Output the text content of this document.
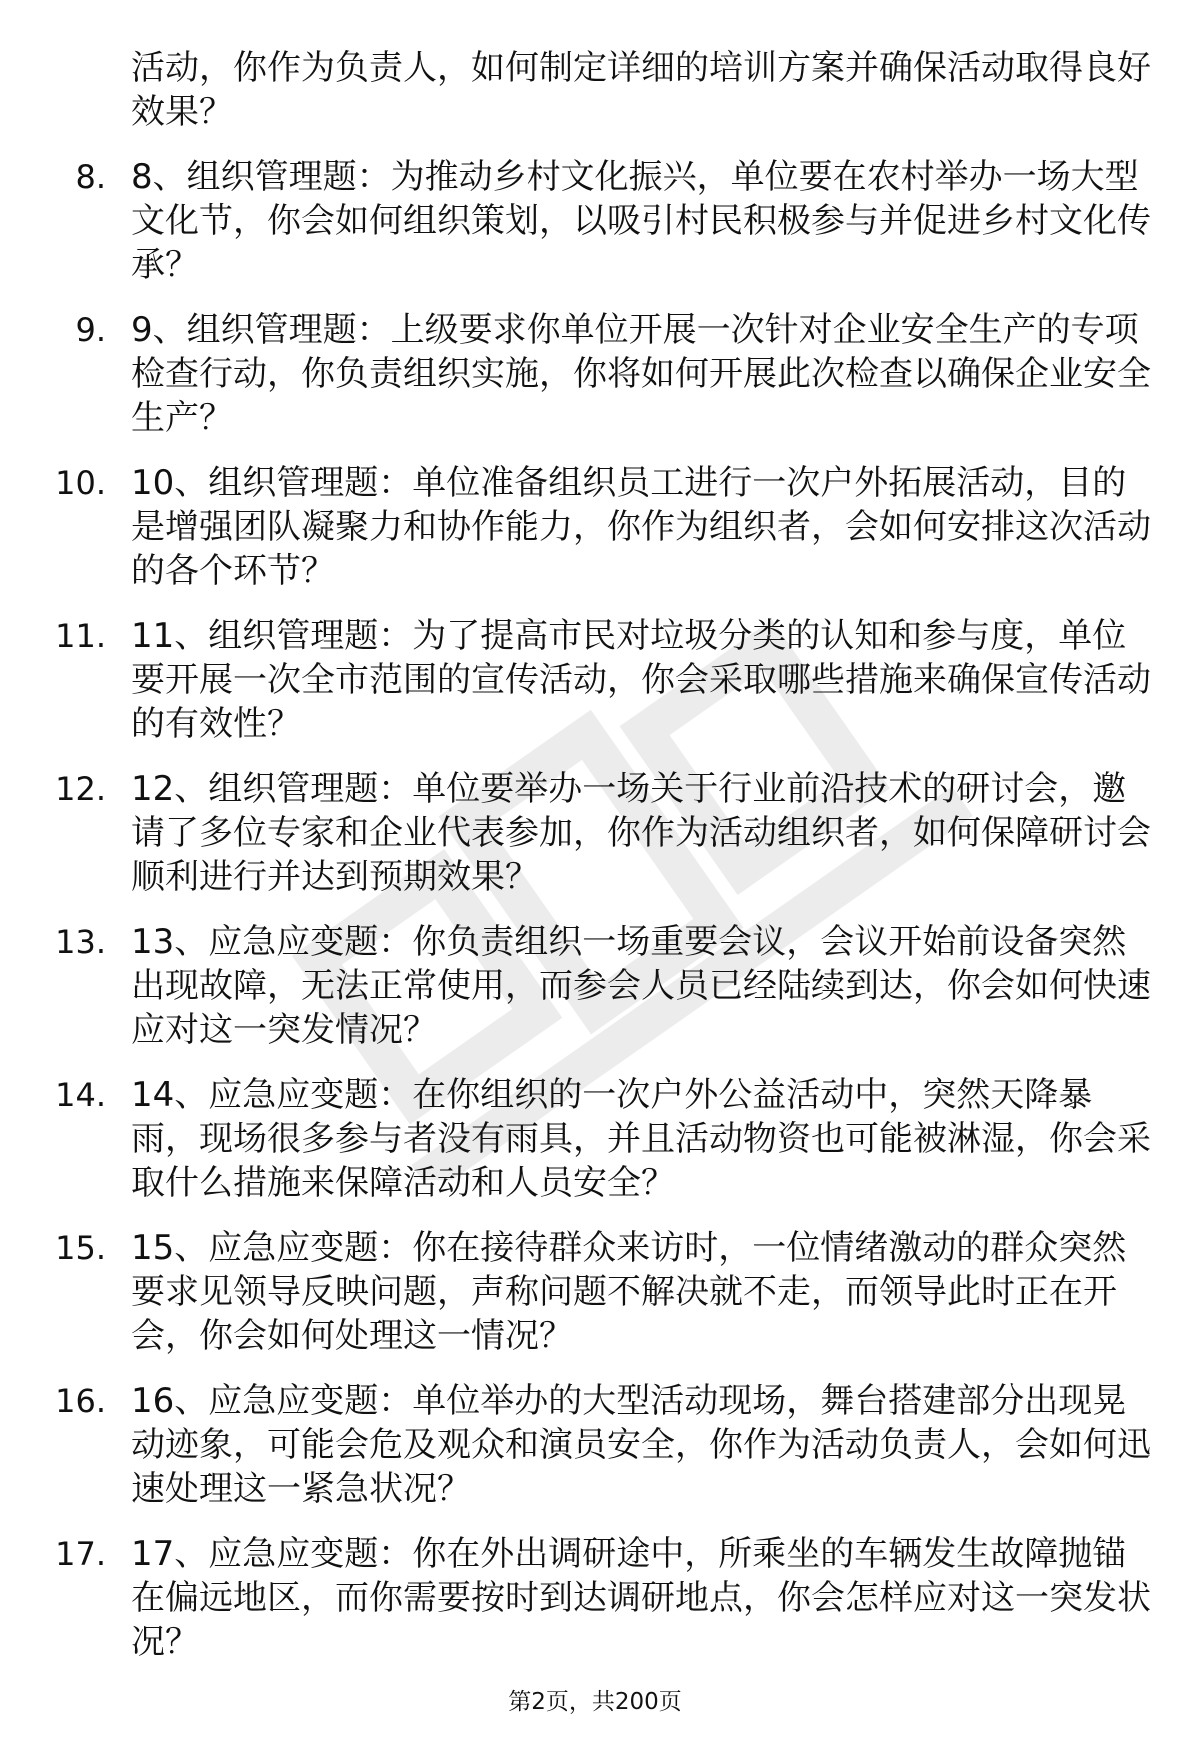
活动，你作为负责人，如何制定详细的培训方案并确保活动取得良好效果？
8. 8、组织管理题：为推动乡村文化振兴，单位要在农村举办一场大型文化节，你会如何组织策划，以吸引村民积极参与并促进乡村文化传承？
9. 9、组织管理题：上级要求你单位开展一次针对企业安全生产的专项检查行动，你负责组织实施，你将如何开展此次检查以确保企业安全生产？
10. 10、组织管理题：单位准备组织员工进行一次户外拓展活动，目的是增强团队凝聚力和协作能力，你作为组织者，会如何安排这次活动的各个环节？
11. 11、组织管理题：为了提高市民对垃圾分类的认知和参与度，单位要开展一次全市范围的宣传活动，你会采取哪些措施来确保宣传活动的有效性？
12. 12、组织管理题：单位要举办一场关于行业前沿技术的研讨会，邀请了多位专家和企业代表参加，你作为活动组织者，如何保障研讨会顺利进行并达到预期效果？
13. 13、应急应变题：你负责组织一场重要会议，会议开始前设备突然出现故障，无法正常使用，而参会人员已经陆续到达，你会如何快速应对这一突发情况？
14. 14、应急应变题：在你组织的一次户外公益活动中，突然天降暴雨，现场很多参与者没有雨具，并且活动物资也可能被淋湿，你会采取什么措施来保障活动和人员安全？
15. 15、应急应变题：你在接待群众来访时，一位情绪激动的群众突然要求见领导反映问题，声称问题不解决就不走，而领导此时正在开会，你会如何处理这一情况？
16. 16、应急应变题：单位举办的大型活动现场，舞台搭建部分出现晃动迹象，可能会危及观众和演员安全，你作为活动负责人，会如何迅速处理这一紧急状况？
17. 17、应急应变题：你在外出调研途中，所乘坐的车辆发生故障抛锚在偏远地区，而你需要按时到达调研地点，你会怎样应对这一突发状况？
第2页，共200页
